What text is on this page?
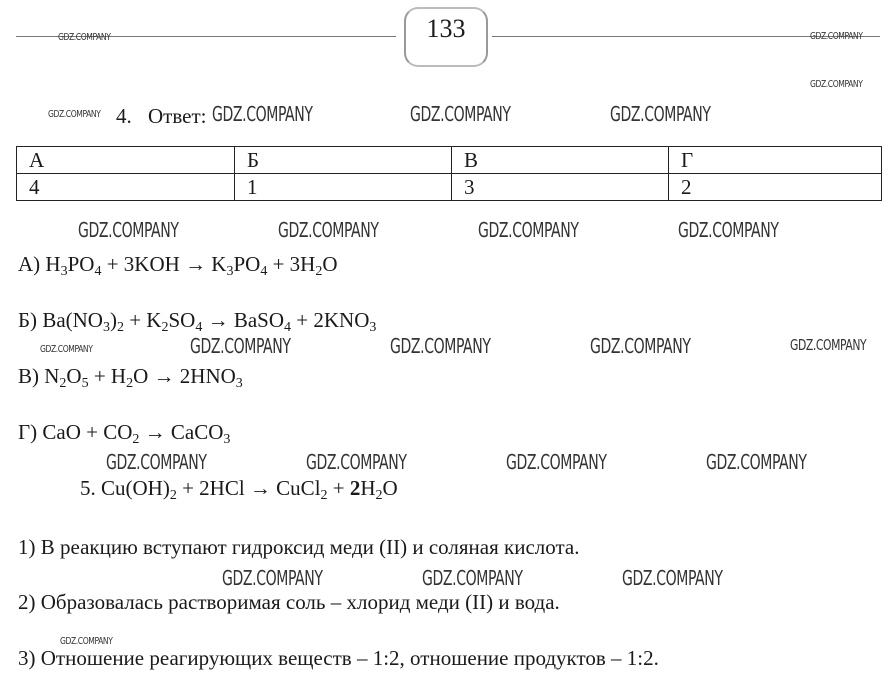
133
GDZ.COMPANY	GDZ.COMPANY
GDZ.COMPANY
GDZ.COMPANY
GDZ.COMPANY
GDZ.COMPANY
4. Ответ: GDZ.COMPANY	GDZ.COMPANY	GDZ.COMPANY
А	Б	В	Г
4	1	3	2
GDZ.COMPANY	GDZ.COMPANY	GDZ.COMPANY	GDZ.COMPANY
А) $H_3PO_4 + 3KOH \to K_3PO_4 + 3H_2O$
Б) $Ba(NO_3)_2 + K_2SO_4$ → BaSO$_4$ + $2KNO_3$
GDZ.COMPANY	GDZ.COMPANY	GDZ.COMPANY	GDZ.COMPANY
В) $N_2O_5 + H_2O \to 2HNO_3$
Г) CaO + $CO_2$ → CaCO$_3$
GDZ.COMPANY	GDZ.COMPANY	GDZ.COMPANY	GDZ.COMPANY
5. $Cu(OH)_2 + 2HCl$ → CuCl$_2$ + $2H_2O$
1) В реакцию вступают гидроксид меди (II) и соляная кислота.
GDZ.COMPANY	GDZ.COMPANY	GDZ.COMPANY
2) Образовалась растворимая соль – хлорид меди (II) и вода.
3) Отношение реагирующих веществ – 1:2, отношение продуктов – 1:2.
